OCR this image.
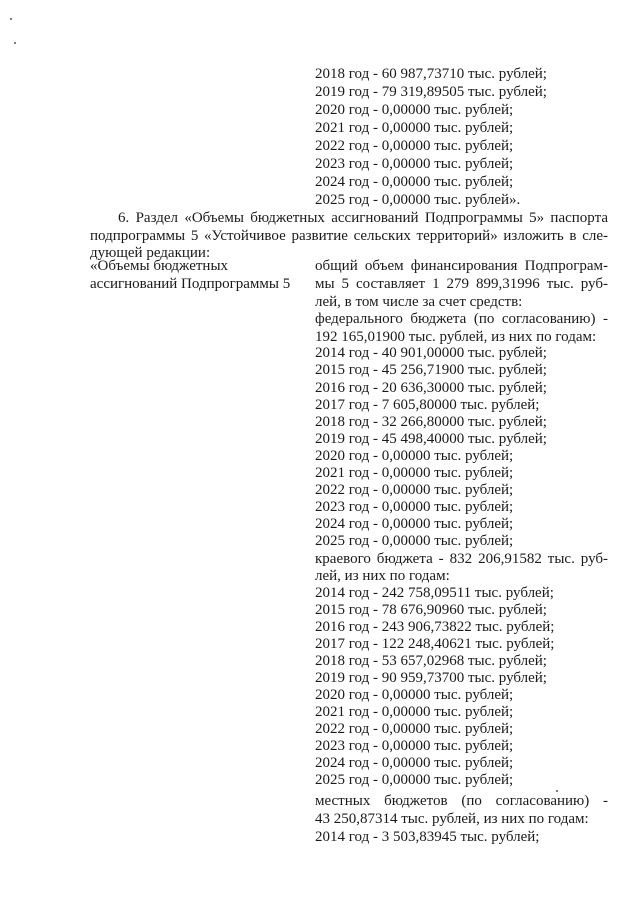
2018 год - 60 987,73710 тыс. рублей;
2019 год - 79 319,89505 тыс. рублей;
2020 год - 0,00000 тыс. рублей;
2021 год - 0,00000 тыс. рублей;
2022 год - 0,00000 тыс. рублей;
2023 год - 0,00000 тыс. рублей;
2024 год - 0,00000 тыс. рублей;
2025 год - 0,00000 тыс. рублей».
6. Раздел «Объемы бюджетных ассигнований Подпрограммы 5» паспорта
подпрограммы 5 «Устойчивое развитие сельских территорий» изложить в сле-
дующей редакции:
«Объемы бюджетных
ассигнований Подпрограммы 5
общий объем финансирования Подпрограм-
мы 5 составляет 1 279 899,31996 тыс. руб-
лей, в том числе за счет средств:
федерального бюджета (по согласованию) -
192 165,01900 тыс. рублей, из них по годам:
2014 год - 40 901,00000 тыс. рублей;
2015 год - 45 256,71900 тыс. рублей;
2016 год - 20 636,30000 тыс. рублей;
2017 год - 7 605,80000 тыс. рублей;
2018 год - 32 266,80000 тыс. рублей;
2019 год - 45 498,40000 тыс. рублей;
2020 год - 0,00000 тыс. рублей;
2021 год - 0,00000 тыс. рублей;
2022 год - 0,00000 тыс. рублей;
2023 год - 0,00000 тыс. рублей;
2024 год - 0,00000 тыс. рублей;
2025 год - 0,00000 тыс. рублей;
краевого бюджета - 832 206,91582 тыс. руб-
лей, из них по годам:
2014 год - 242 758,09511 тыс. рублей;
2015 год - 78 676,90960 тыс. рублей;
2016 год - 243 906,73822 тыс. рублей;
2017 год - 122 248,40621 тыс. рублей;
2018 год - 53 657,02968 тыс. рублей;
2019 год - 90 959,73700 тыс. рублей;
2020 год - 0,00000 тыс. рублей;
2021 год - 0,00000 тыс. рублей;
2022 год - 0,00000 тыс. рублей;
2023 год - 0,00000 тыс. рублей;
2024 год - 0,00000 тыс. рублей;
2025 год - 0,00000 тыс. рублей;
местных бюджетов (по согласованию) -
43 250,87314 тыс. рублей, из них по годам:
2014 год - 3 503,83945 тыс. рублей;
